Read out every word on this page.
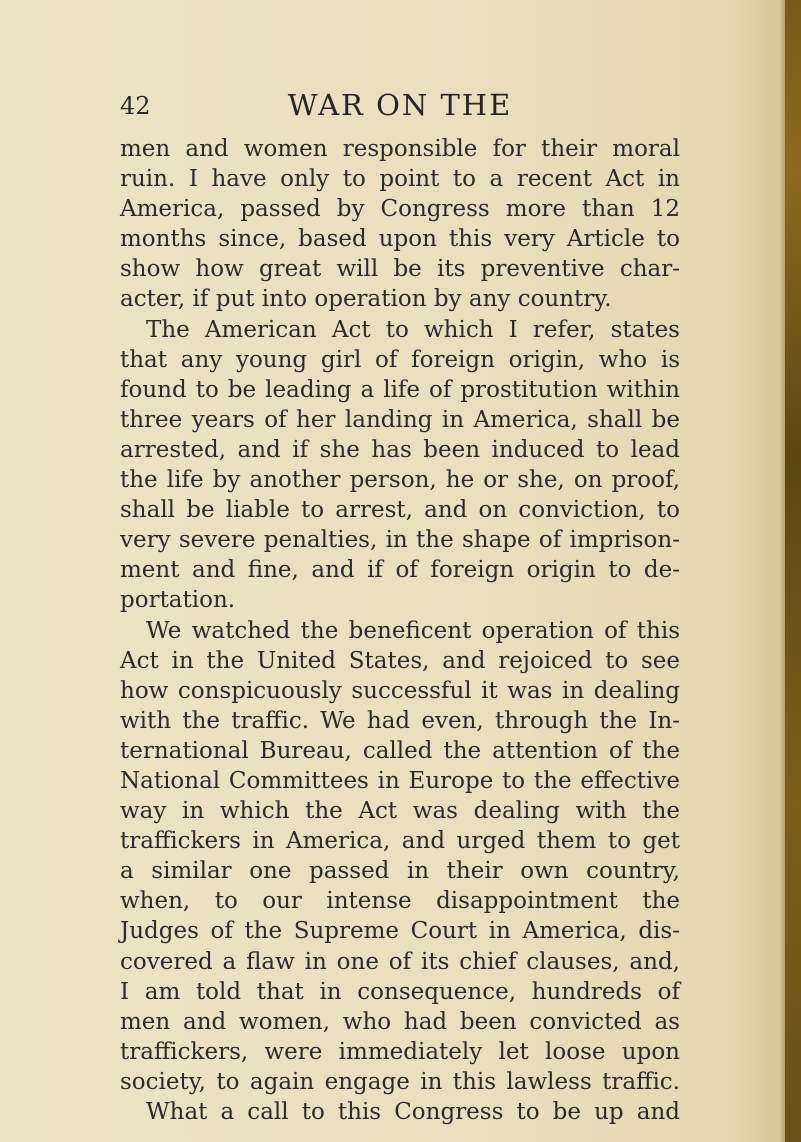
42	WAR ON THE
men and women responsible for their moral
ruin. I have only to point to a recent Act in
America, passed by Congress more than 12
months since, based upon this very Article to
show how great will be its preventive char-
acter, if put into operation by any country.
The American Act to which I refer, states
that any young girl of foreign origin, who is
found to be leading a life of prostitution within
three years of her landing in America, shall be
arrested, and if she has been induced to lead
the life by another person, he or she, on proof,
shall be liable to arrest, and on conviction, to
very severe penalties, in the shape of imprison-
ment and fine, and if of foreign origin to de-
portation.
We watched the beneficent operation of this
Act in the United States, and rejoiced to see
how conspicuously successful it was in dealing
with the traffic. We had even, through the In-
ternational Bureau, called the attention of the
National Committees in Europe to the effective
way in which the Act was dealing with the
traffickers in America, and urged them to get
a similar one passed in their own country,
when, to our intense disappointment the
Judges of the Supreme Court in America, dis-
covered a flaw in one of its chief clauses, and,
I am told that in consequence, hundreds of
men and women, who had been convicted as
traffickers, were immediately let loose upon
society, to again engage in this lawless traffic.
What a call to this Congress to be up and
